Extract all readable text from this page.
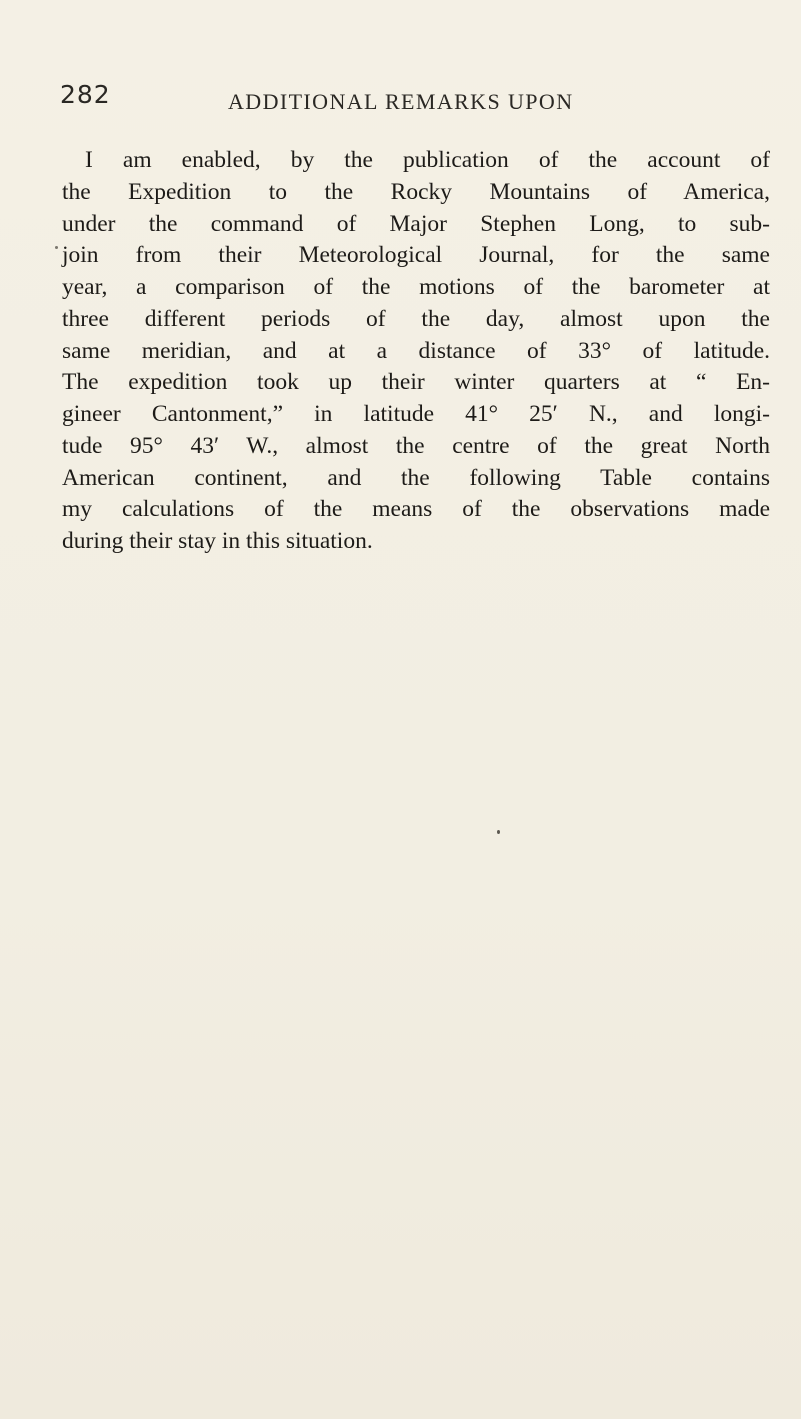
282	ADDITIONAL REMARKS UPON
I am enabled, by the publication of the account of
the Expedition to the Rocky Mountains of America,
under the command of Major Stephen Long, to sub-
join from their Meteorological Journal, for the same
year, a comparison of the motions of the barometer at
three different periods of the day, almost upon the
same meridian, and at a distance of 33° of latitude.
The expedition took up their winter quarters at “ En-
gineer Cantonment,” in latitude 41° 25′ N., and longi-
tude 95° 43′ W., almost the centre of the great North
American continent, and the following Table contains
my calculations of the means of the observations made
during their stay in this situation.
